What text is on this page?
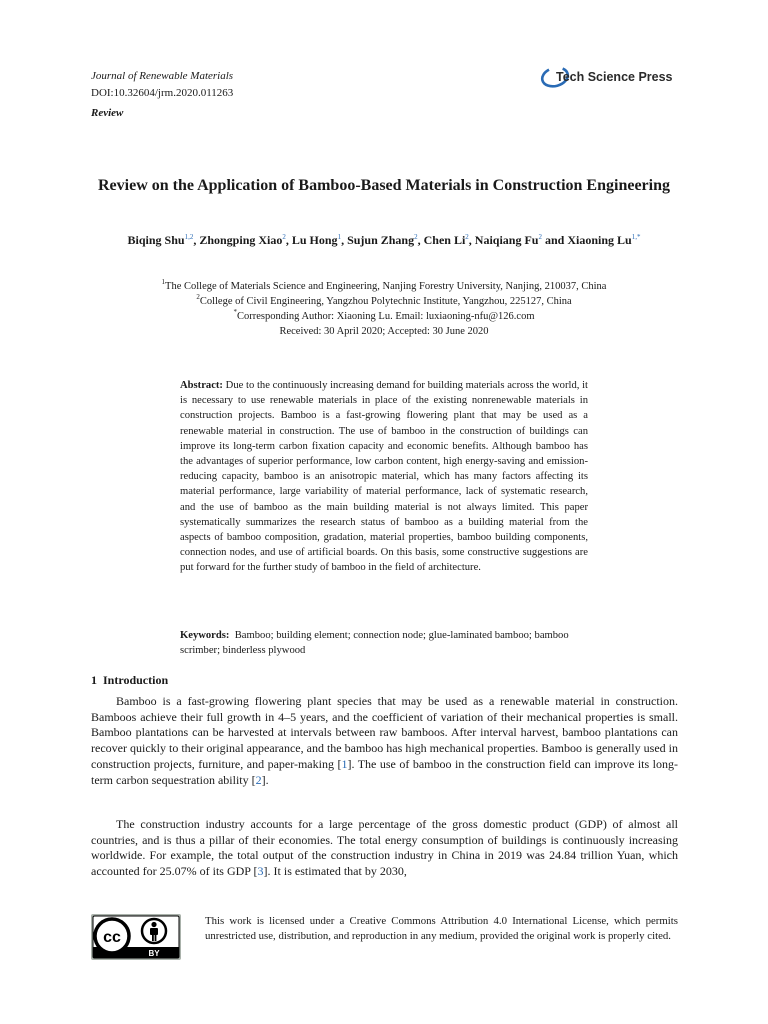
Journal of Renewable Materials
DOI:10.32604/jrm.2020.011263
Review
Tech Science Press
Review on the Application of Bamboo-Based Materials in Construction Engineering
Biqing Shu$^{1,2}$, Zhongping Xiao$^2$, Lu Hong$^1$, Sujun Zhang$^2$, Chen Li$^2$, Naiqiang Fu$^2$ and Xiaoning $Lu^{1,*}$
$^1$The College of Materials Science and Engineering, Nanjing Forestry University, Nanjing, 210037, China
$^2$College of Civil Engineering, Yangzhou Polytechnic Institute, Yangzhou, 225127, China
*Corresponding Author: Xiaoning Lu. Email: luxiaoning-nfu@126.com
Received: 30 April 2020; Accepted: 30 June 2020
Abstract: Due to the continuously increasing demand for building materials across the world, it is necessary to use renewable materials in place of the existing nonrenewable materials in construction projects. Bamboo is a fast-growing flowering plant that may be used as a renewable material in construction. The use of bamboo in the construction of buildings can improve its long-term carbon fixation capacity and economic benefits. Although bamboo has the advantages of superior performance, low carbon content, high energy-saving and emission-reducing capacity, bamboo is an anisotropic material, which has many factors affecting its material performance, large variability of material performance, lack of systematic research, and the use of bamboo as the main building material is not always limited. This paper systematically summarizes the research status of bamboo as a building material from the aspects of bamboo composition, gradation, material properties, bamboo building components, connection nodes, and use of artificial boards. On this basis, some constructive suggestions are put forward for the further study of bamboo in the field of architecture.
Keywords: Bamboo; building element; connection node; glue-laminated bamboo; bamboo scrimber; binderless plywood
1 Introduction
Bamboo is a fast-growing flowering plant species that may be used as a renewable material in construction. Bamboos achieve their full growth in 4–5 years, and the coefficient of variation of their mechanical properties is small. Bamboo plantations can be harvested at intervals between raw bamboos. After interval harvest, bamboo plantations can recover quickly to their original appearance, and the bamboo has high mechanical properties. Bamboo is generally used in construction projects, furniture, and paper-making [1]. The use of bamboo in the construction field can improve its long-term carbon sequestration ability [2].
The construction industry accounts for a large percentage of the gross domestic product (GDP) of almost all countries, and is thus a pillar of their economies. The total energy consumption of buildings is continuously increasing worldwide. For example, the total output of the construction industry in China in 2019 was 24.84 trillion Yuan, which accounted for 25.07% of its GDP [3]. It is estimated that by 2030,
cc
BY
This work is licensed under a Creative Commons Attribution 4.0 International License, which permits unrestricted use, distribution, and reproduction in any medium, provided the original work is properly cited.
